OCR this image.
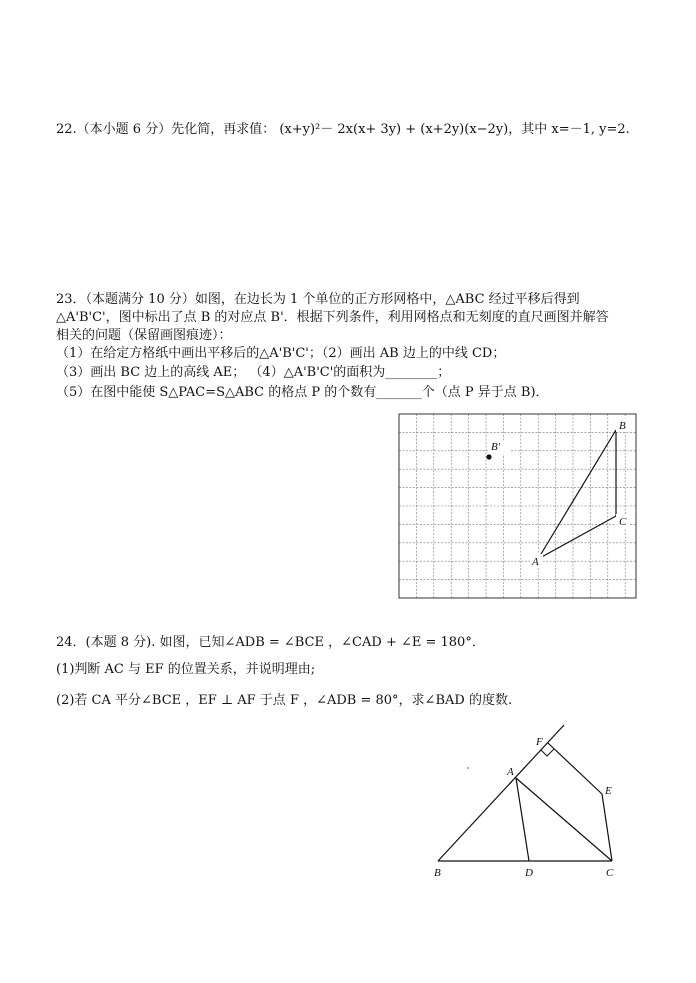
22.（本小题 6 分）先化简，再求值： (x+y)²－ 2x(x+ 3y) + (x+2y)(x−2y)，其中 x=－1, y=2.
23．（本题满分 10 分）如图，在边长为 1 个单位的正方形网格中，△ABC 经过平移后得到
△A'B'C'，图中标出了点 B 的对应点 B'．根据下列条件，利用网格点和无刻度的直尺画图并解答
相关的问题（保留画图痕迹）：
（1）在给定方格纸中画出平移后的△A'B'C'；（2）画出 AB 边上的中线 CD；
（3）画出 BC 边上的高线 AE； （4）△A'B'C'的面积为________；
（5）在图中能使 S△PAC=S△ABC 的格点 P 的个数有_______个（点 P 异于点 B)．
B'
B
C
A
24．(本题 8 分). 如图，已知∠ADB = ∠BCE ，∠CAD + ∠E = 180°．
(1)判断 AC 与 EF 的位置关系，并说明理由;
(2)若 CA 平分∠BCE ，EF ⊥ AF 于点 F ，∠ADB = 80°，求∠BAD 的度数.
F
A
E
B	D	C
